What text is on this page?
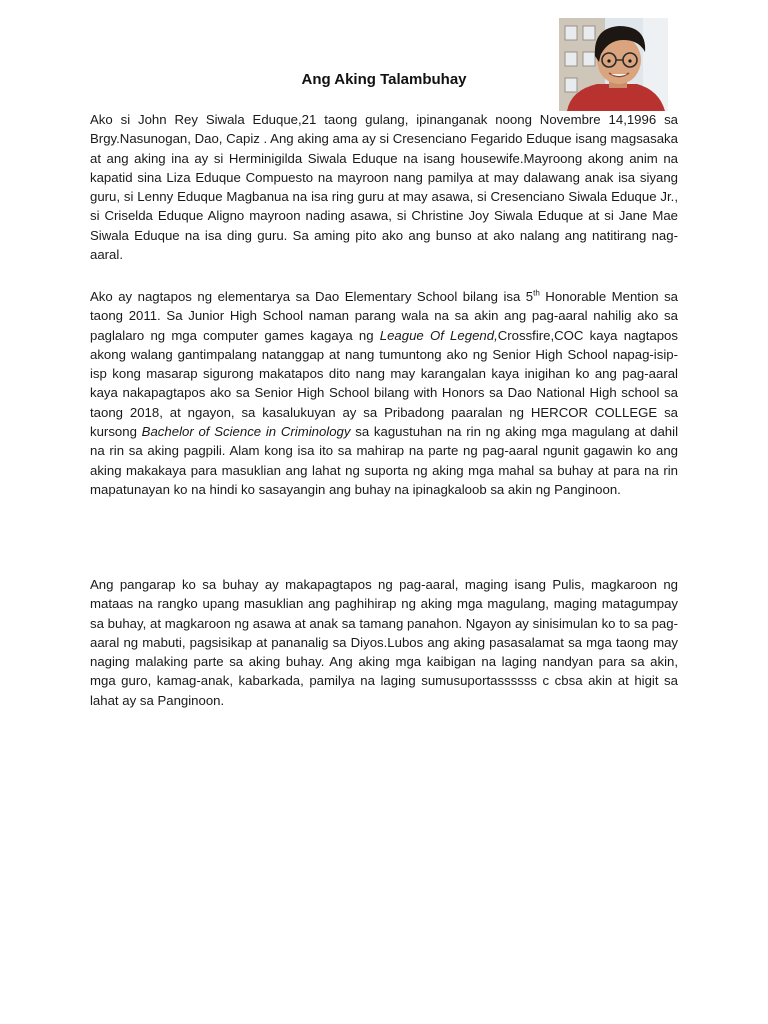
Ang Aking Talambuhay

Ako si John Rey Siwala Eduque,21 taong gulang, ipinanganak noong Novembre 14,1996 sa Brgy.Nasunogan, Dao, Capiz . Ang aking ama ay si Cresenciano Fegarido Eduque isang magsasaka at ang aking ina ay si Herminigilda Siwala Eduque na isang housewife.Mayroong akong anim na kapatid sina Liza Eduque Compuesto na mayroon nang pamilya at may dalawang anak isa siyang guru, si Lenny Eduque Magbanua na isa ring guru at may asawa, si Cresenciano Siwala Eduque Jr., si Criselda Eduque Aligno mayroon nading asawa, si Christine Joy Siwala Eduque at si Jane Mae Siwala Eduque na isa ding guru. Sa aming pito ako ang bunso at ako nalang ang natitirang nag-aaral.

Ako ay nagtapos ng elementarya sa Dao Elementary School bilang isa 5th Honorable Mention sa taong 2011. Sa Junior High School naman parang wala na sa akin ang pag-aaral nahilig ako sa paglalaro ng mga computer games kagaya ng League Of Legend,Crossfire,COC kaya nagtapos akong walang gantimpalang natanggap at nang tumuntong ako ng Senior High School napag-isip-isp kong masarap sigurong makatapos dito nang may karangalan kaya inigihan ko ang pag-aaral kaya nakapagtapos ako sa Senior High School bilang with Honors sa Dao National High school sa taong 2018, at ngayon, sa kasalukuyan ay sa Pribadong paaralan ng HERCOR COLLEGE sa kursong Bachelor of Science in Criminology sa kagustuhan na rin ng aking mga magulang at dahil na rin sa aking pagpili. Alam kong isa ito sa mahirap na parte ng pag-aaral ngunit gagawin ko ang aking makakaya para masuklian ang lahat ng suporta ng aking mga mahal sa buhay at para na rin mapatunayan ko na hindi ko sasayangin ang buhay na ipinagkaloob sa akin ng Panginoon.

Ang pangarap ko sa buhay ay makapagtapos ng pag-aaral, maging isang Pulis, magkaroon ng mataas na rangko upang masuklian ang paghihirap ng aking mga magulang, maging matagumpay sa buhay, at magkaroon ng asawa at anak sa tamang panahon. Ngayon ay sinisimulan ko to sa pag-aaral ng mabuti, pagsisikap at pananalig sa Diyos.Lubos ang aking pasasalamat sa mga taong may naging malaking parte sa aking buhay. Ang aking mga kaibigan na laging nandyan para sa akin, mga guro, kamag-anak, kabarkada, pamilya na laging sumusuportassssss c cbsa akin at higit sa lahat ay sa Panginoon.
